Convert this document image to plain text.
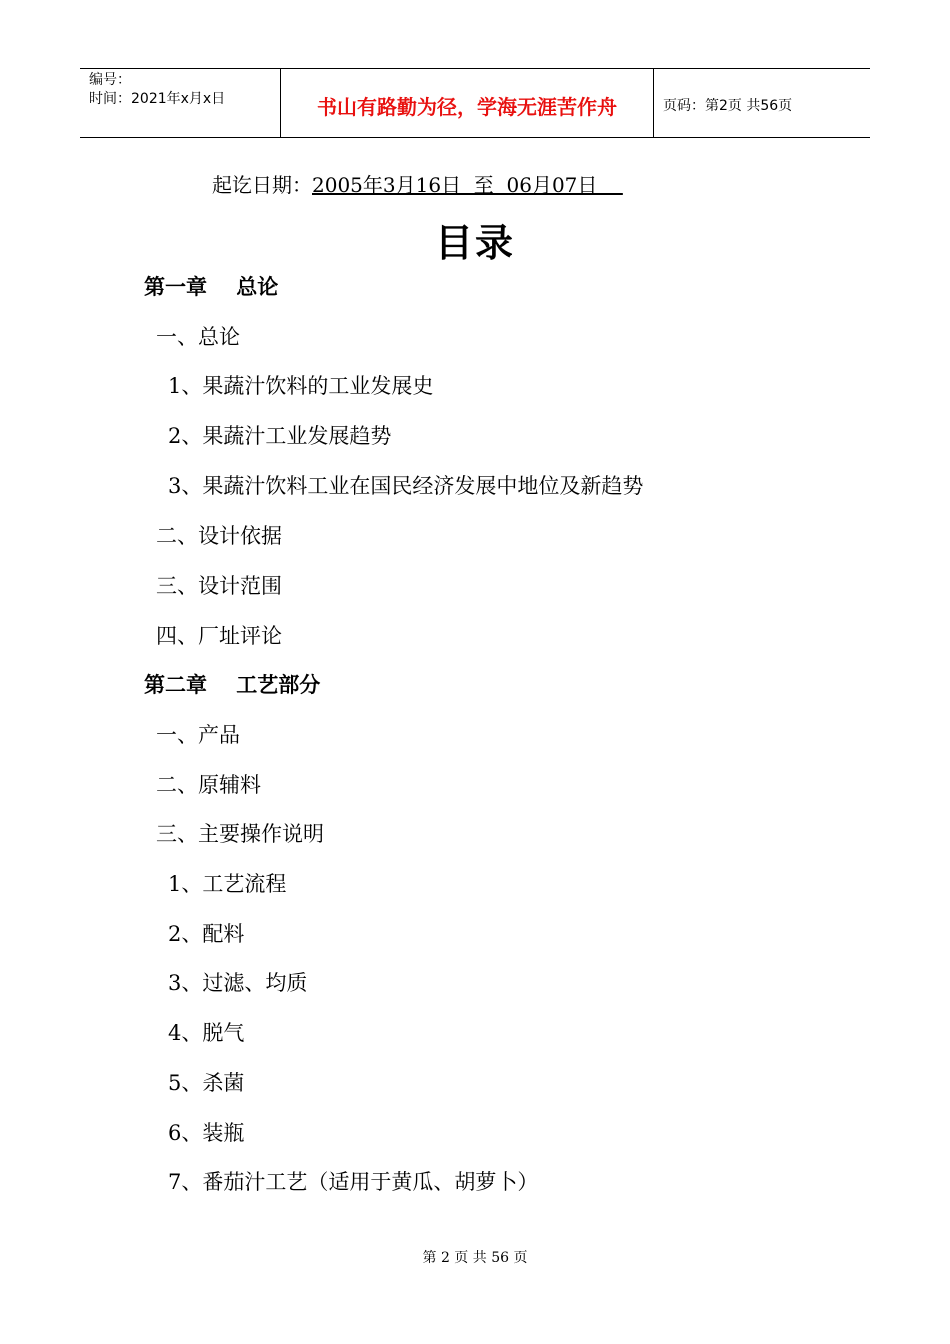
编号：
时间：2021年x月x日	书山有路勤为径，学海无涯苦作舟	页码：第2页 共56页
起讫日期：2005年3月16日  至  06月07日
目录
第一章    总论
一、总论
1、果蔬汁饮料的工业发展史
2、果蔬汁工业发展趋势
3、果蔬汁饮料工业在国民经济发展中地位及新趋势
二、设计依据
三、设计范围
四、厂址评论
第二章    工艺部分
一、产品
二、原辅料
三、主要操作说明
1、工艺流程
2、配料
3、过滤、均质
4、脱气
5、杀菌
6、装瓶
7、番茄汁工艺（适用于黄瓜、胡萝卜）
第 2 页 共 56 页
